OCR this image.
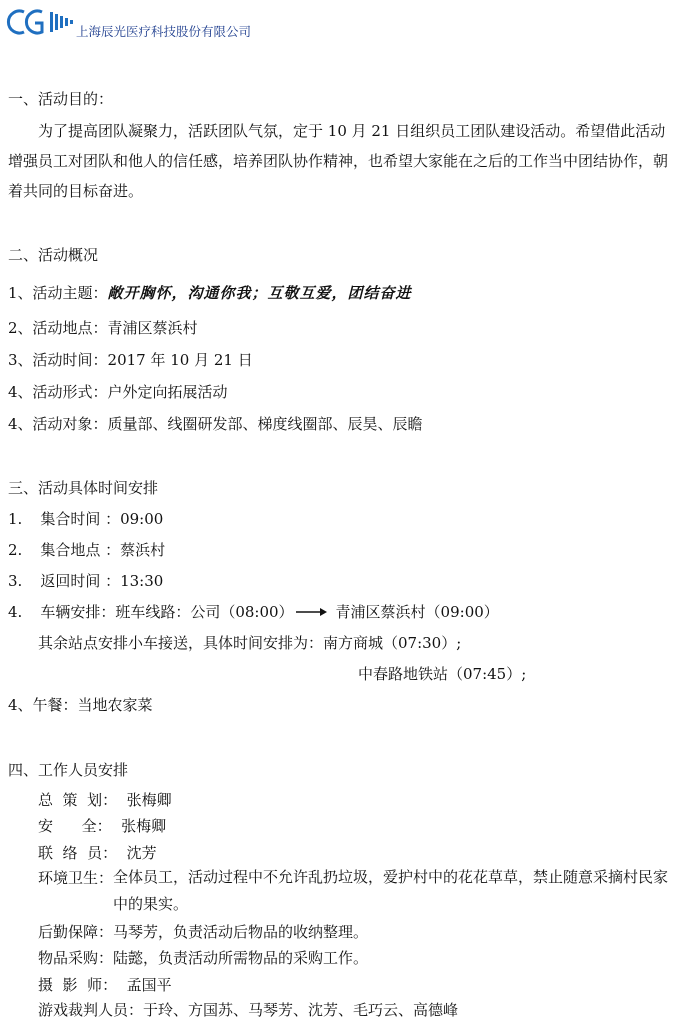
上海辰光医疗科技股份有限公司
一、活动目的：
为了提高团队凝聚力，活跃团队气氛，定于 10 月 21 日组织员工团队建设活动。希望借此活动增强员工对团队和他人的信任感，培养团队协作精神，也希望大家能在之后的工作当中团结协作，朝着共同的目标奋进。
二、活动概况
1、活动主题：敞开胸怀，沟通你我；互敬互爱，团结奋进
2、活动地点：青浦区蔡浜村
3、活动时间：2017 年 10 月 21 日
4、活动形式：户外定向拓展活动
4、活动对象：质量部、线圈研发部、梯度线圈部、辰昊、辰瞻
三、活动具体时间安排
1. 集合时间 ：09:00
2. 集合地点 ：蔡浜村
3. 返回时间 ：13:30
4. 车辆安排：班车线路：公司（08:00）	青浦区蔡浜村（09:00）
其余站点安排小车接送，具体时间安排为：南方商城（07:30）;
中春路地铁站（07:45）;
4、午餐：当地农家菜
四、工作人员安排
总  策  划： 张梅卿
安      全： 张梅卿
联  络  员： 沈芳
环境卫生： 全体员工，活动过程中不允许乱扔垃圾，爱护村中的花花草草，禁止随意采摘村民家中的果实。
后勤保障：马琴芳，负责活动后物品的收纳整理。
物品采购：陆懿，负责活动所需物品的采购工作。
摄  影  师： 孟国平
游戏裁判人员：于玲、方国苏、马琴芳、沈芳、毛巧云、高德峰
